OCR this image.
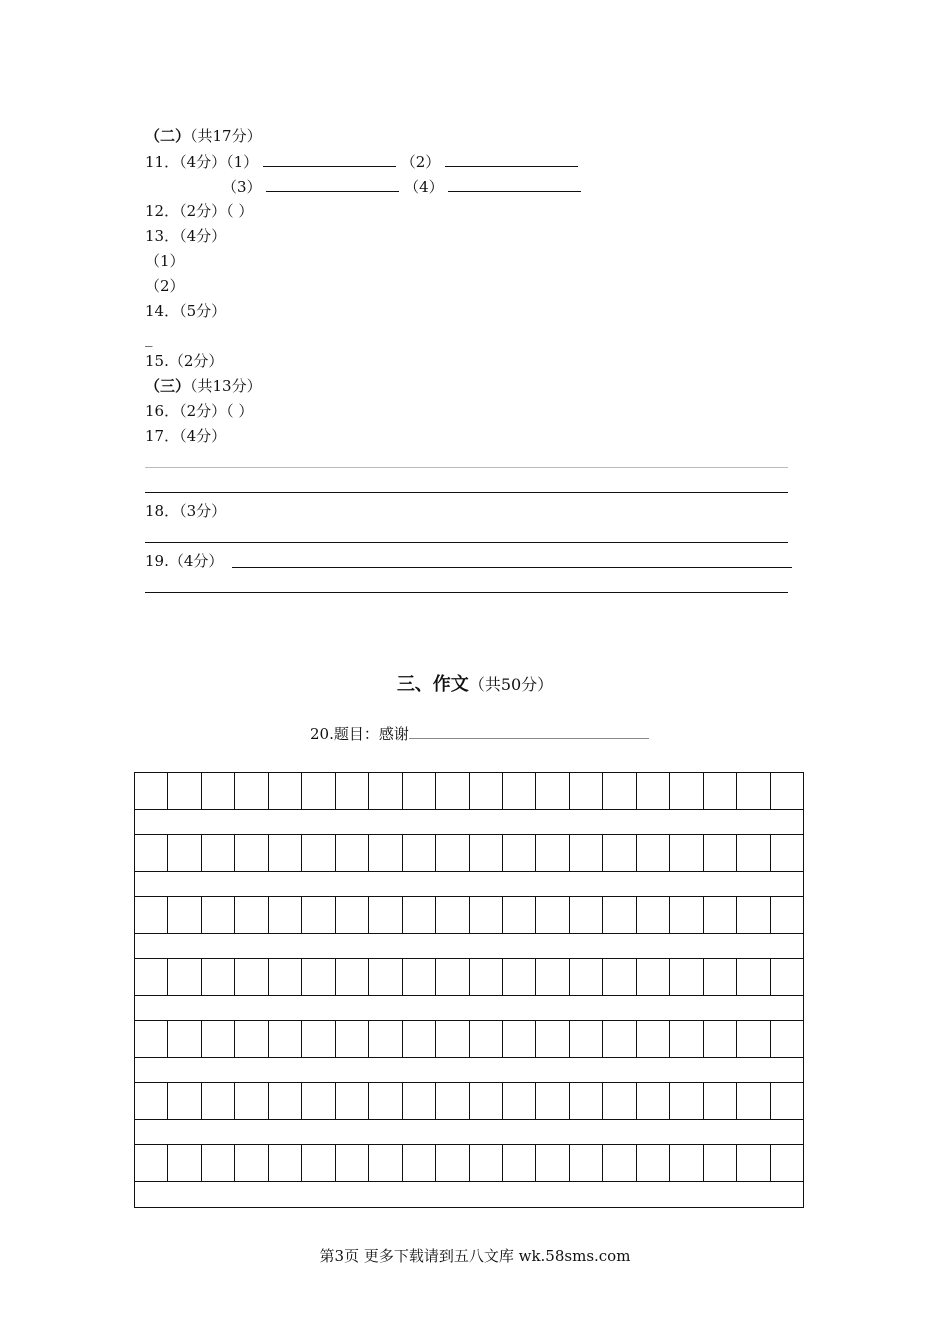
（二）（共17分）
11．（4分）（1）	（2）
（3）	（4）
12．（2分）（ ）
13．（4分）
（1）
（2）
14．（5分）
_
15.（2分）
（三）（共13分）
16．（2分）（ ）
17．（4分）
18．（3分）
19.（4分）
三、作文（共50分）
20.题目：感谢
第3页 更多下载请到五八文库 wk.58sms.com
